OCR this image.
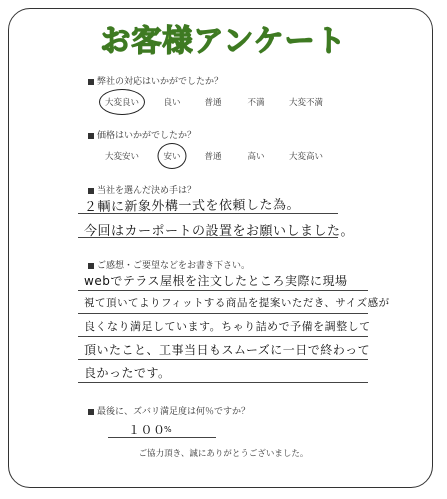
お客様アンケート
弊社の対応はいかがでしたか？
大変良い	良い	普通	不満	大変不満
価格はいかがでしたか？
大変安い	安い	普通	高い	大変高い
当社を選んだ決め手は？
２輌に新象外構一式を依頼した為。
今回はカーポートの設置をお願いしました。
ご感想・ご要望などをお書き下さい。
webでテラス屋根を注文したところ実際に現場
視て頂いてよりフィットする商品を提案いただき、サイズ感が
良くなり満足しています。ちゃり詰めで予備を調整して
頂いたこと、工事当日もスムーズに一日で終わって
良かったです。
最後に、ズバリ満足度は何％ですか？
１００
%
ご協力頂き、誠にありがとうございました。
